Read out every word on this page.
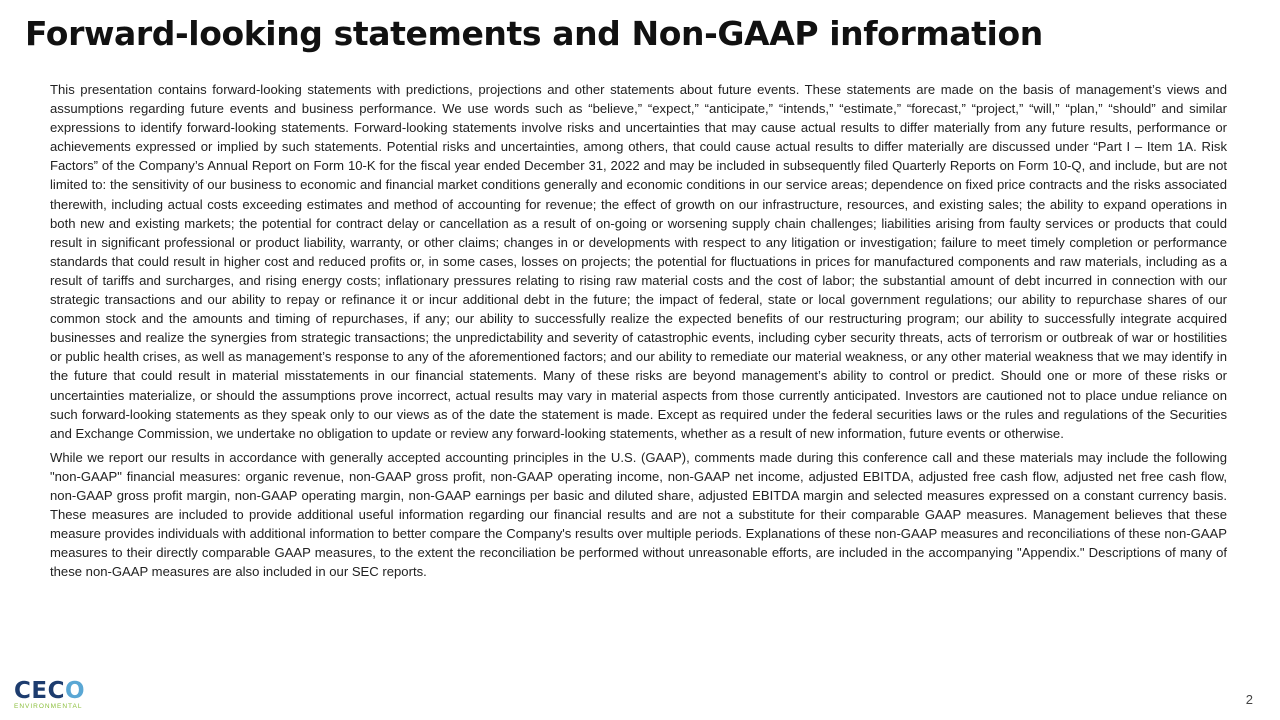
Forward-looking statements and Non-GAAP information

This presentation contains forward-looking statements with predictions, projections and other statements about future events. These statements are made on the basis of management’s views and assumptions regarding future events and business performance. We use words such as “believe,” “expect,” “anticipate,” “intends,” “estimate,” “forecast,” “project,” “will,” “plan,” “should” and similar expressions to identify forward-looking statements. Forward-looking statements involve risks and uncertainties that may cause actual results to differ materially from any future results, performance or achievements expressed or implied by such statements. Potential risks and uncertainties, among others, that could cause actual results to differ materially are discussed under “Part I – Item 1A. Risk Factors” of the Company’s Annual Report on Form 10-K for the fiscal year ended December 31, 2022 and may be included in subsequently filed Quarterly Reports on Form 10-Q, and include, but are not limited to: the sensitivity of our business to economic and financial market conditions generally and economic conditions in our service areas; dependence on fixed price contracts and the risks associated therewith, including actual costs exceeding estimates and method of accounting for revenue; the effect of growth on our infrastructure, resources, and existing sales; the ability to expand operations in both new and existing markets; the potential for contract delay or cancellation as a result of on-going or worsening supply chain challenges; liabilities arising from faulty services or products that could result in significant professional or product liability, warranty, or other claims; changes in or developments with respect to any litigation or investigation; failure to meet timely completion or performance standards that could result in higher cost and reduced profits or, in some cases, losses on projects; the potential for fluctuations in prices for manufactured components and raw materials, including as a result of tariffs and surcharges, and rising energy costs; inflationary pressures relating to rising raw material costs and the cost of labor; the substantial amount of debt incurred in connection with our strategic transactions and our ability to repay or refinance it or incur additional debt in the future; the impact of federal, state or local government regulations; our ability to repurchase shares of our common stock and the amounts and timing of repurchases, if any; our ability to successfully realize the expected benefits of our restructuring program; our ability to successfully integrate acquired businesses and realize the synergies from strategic transactions; the unpredictability and severity of catastrophic events, including cyber security threats, acts of terrorism or outbreak of war or hostilities or public health crises, as well as management’s response to any of the aforementioned factors; and our ability to remediate our material weakness, or any other material weakness that we may identify in the future that could result in material misstatements in our financial statements. Many of these risks are beyond management’s ability to control or predict. Should one or more of these risks or uncertainties materialize, or should the assumptions prove incorrect, actual results may vary in material aspects from those currently anticipated. Investors are cautioned not to place undue reliance on such forward-looking statements as they speak only to our views as of the date the statement is made. Except as required under the federal securities laws or the rules and regulations of the Securities and Exchange Commission, we undertake no obligation to update or review any forward-looking statements, whether as a result of new information, future events or otherwise.

While we report our results in accordance with generally accepted accounting principles in the U.S. (GAAP), comments made during this conference call and these materials may include the following "non-GAAP" financial measures: organic revenue, non-GAAP gross profit, non-GAAP operating income, non-GAAP net income, adjusted EBITDA, adjusted free cash flow, adjusted net free cash flow, non-GAAP gross profit margin, non-GAAP operating margin, non-GAAP earnings per basic and diluted share, adjusted EBITDA margin and selected measures expressed on a constant currency basis. These measures are included to provide additional useful information regarding our financial results and are not a substitute for their comparable GAAP measures. Management believes that these measure provides individuals with additional information to better compare the Company's results over multiple periods. Explanations of these non-GAAP measures and reconciliations of these non-GAAP measures to their directly comparable GAAP measures, to the extent the reconciliation be performed without unreasonable efforts, are included in the accompanying "Appendix." Descriptions of many of these non-GAAP measures are also included in our SEC reports.

CECO
ENVIRONMENTAL	2
